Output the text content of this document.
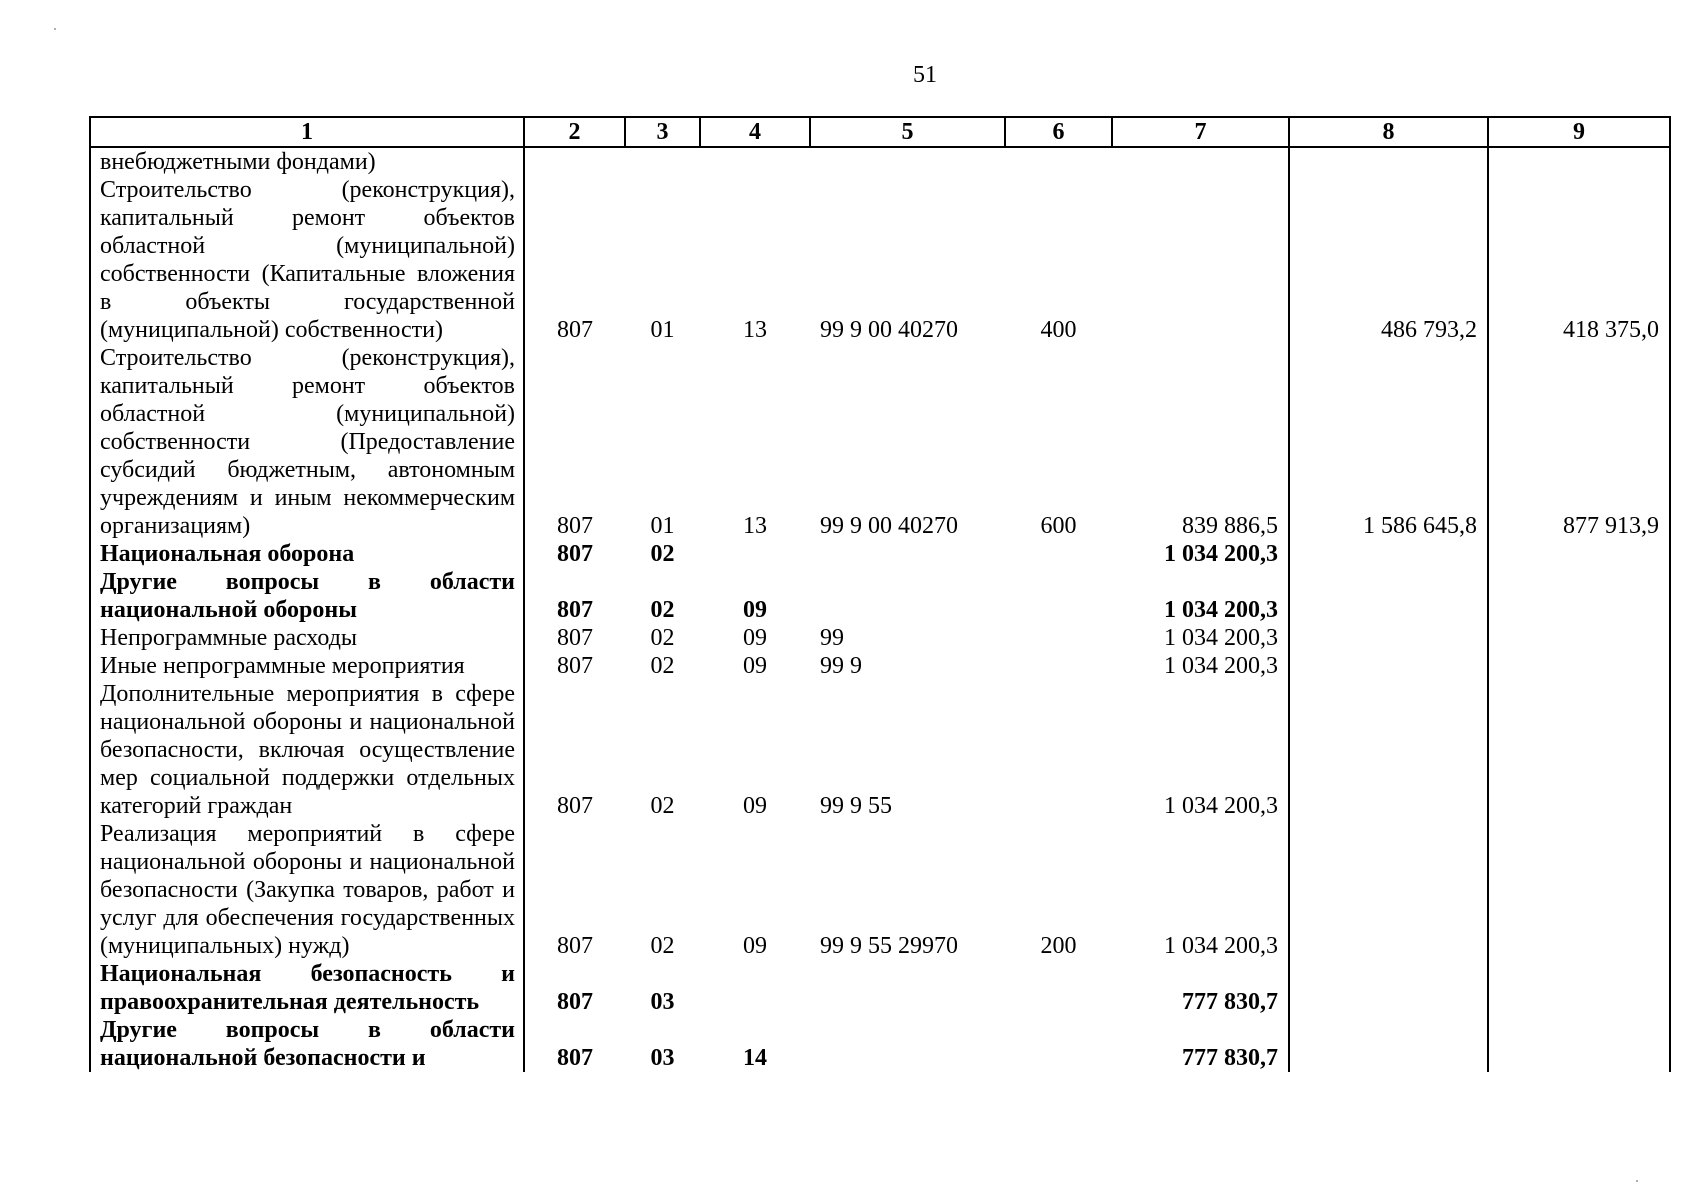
51
1	2	3	4	5	6	7	8	9

внебюджетными фондами)								

Строительство (реконструкция), капитальный ремонт объектов областной (муниципальной) собственности (Капитальные вложения в объекты государственной (муниципальной) собственности)	807	01	13	99 9 00 40270	400		486 793,2	418 375,0

Строительство (реконструкция), капитальный ремонт объектов областной (муниципальной) собственности (Предоставление субсидий бюджетным, автономным учреждениям и иным некоммерческим организациям)	807	01	13	99 9 00 40270	600	839 886,5	1 586 645,8	877 913,9

Национальная оборона	807	02				1 034 200,3		

Другие вопросы в области национальной обороны	807	02	09			1 034 200,3		

Непрограммные расходы	807	02	09	99		1 034 200,3		

Иные непрограммные мероприятия	807	02	09	99 9		1 034 200,3		

Дополнительные мероприятия в сфере национальной обороны и национальной безопасности, включая осуществление мер социальной поддержки отдельных категорий граждан	807	02	09	99 9 55		1 034 200,3		

Реализация мероприятий в сфере национальной обороны и национальной безопасности (Закупка товаров, работ и услуг для обеспечения государственных (муниципальных) нужд)	807	02	09	99 9 55 29970	200	1 034 200,3		

Национальная безопасность и правоохранительная деятельность	807	03				777 830,7		

Другие вопросы в области национальной безопасности и	807	03	14			777 830,7		
